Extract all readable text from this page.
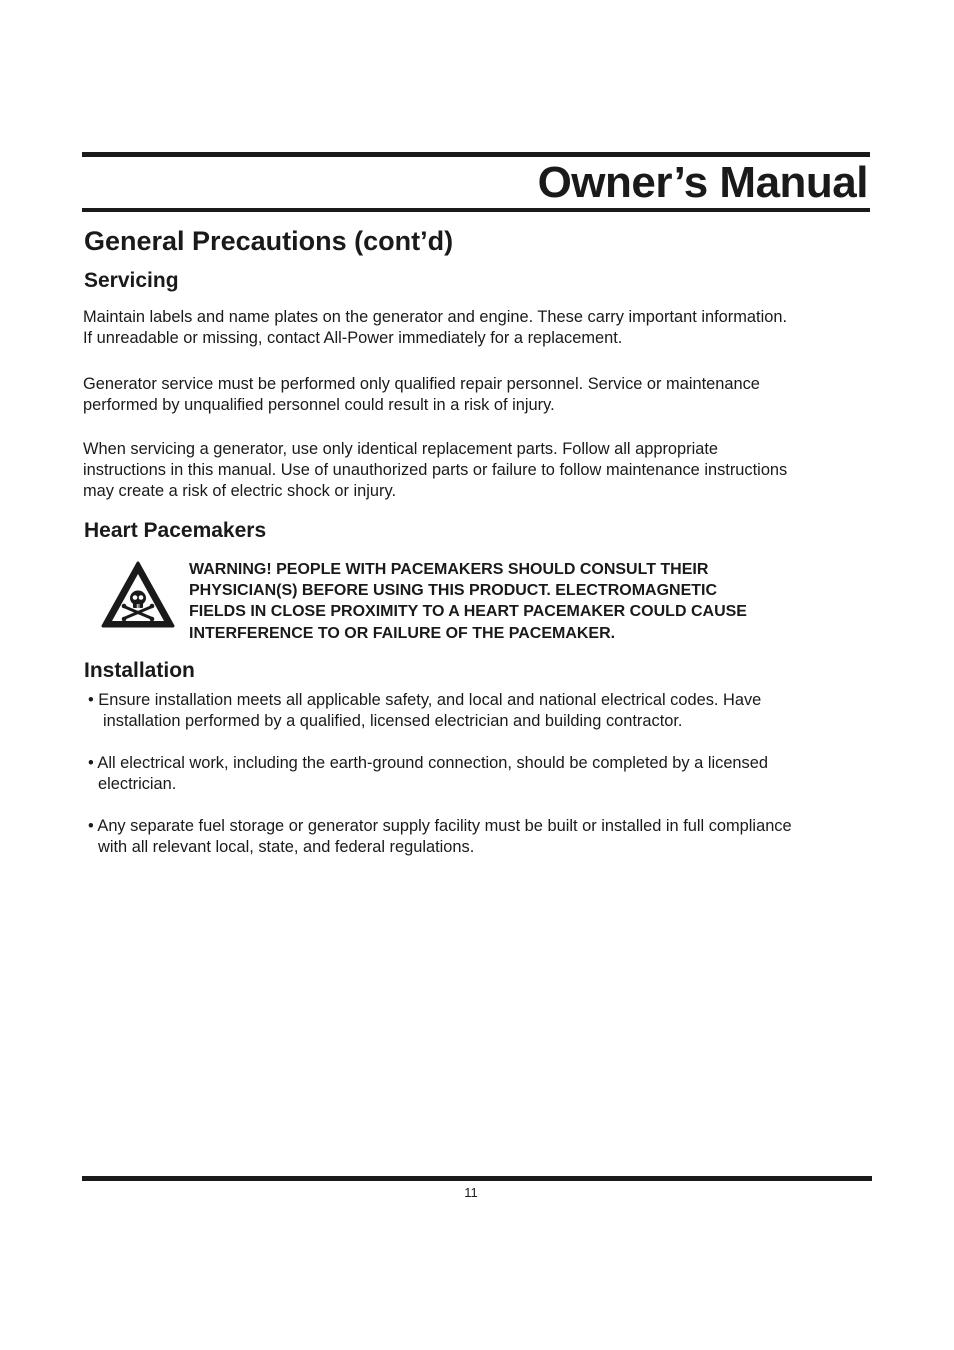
Owner’s Manual
General Precautions (cont’d)
Servicing

Maintain labels and name plates on the generator and engine. These carry important information.
If unreadable or missing, contact All-Power immediately for a replacement.

Generator service must be performed only qualified repair personnel. Service or maintenance
performed by unqualified personnel could result in a risk of injury.

When servicing a generator, use only identical replacement parts. Follow all appropriate
instructions in this manual. Use of unauthorized parts or failure to follow maintenance instructions
may create a risk of electric shock or injury.

Heart Pacemakers

WARNING! PEOPLE WITH PACEMAKERS SHOULD CONSULT THEIR
PHYSICIAN(S) BEFORE USING THIS PRODUCT. ELECTROMAGNETIC
FIELDS IN CLOSE PROXIMITY TO A HEART PACEMAKER COULD CAUSE
INTERFERENCE TO OR FAILURE OF THE PACEMAKER.

Installation

• Ensure installation meets all applicable safety, and local and national electrical codes. Have
installation performed by a qualified, licensed electrician and building contractor.

• All electrical work, including the earth-ground connection, should be completed by a licensed
electrician.

• Any separate fuel storage or generator supply facility must be built or installed in full compliance
with all relevant local, state, and federal regulations.

11
